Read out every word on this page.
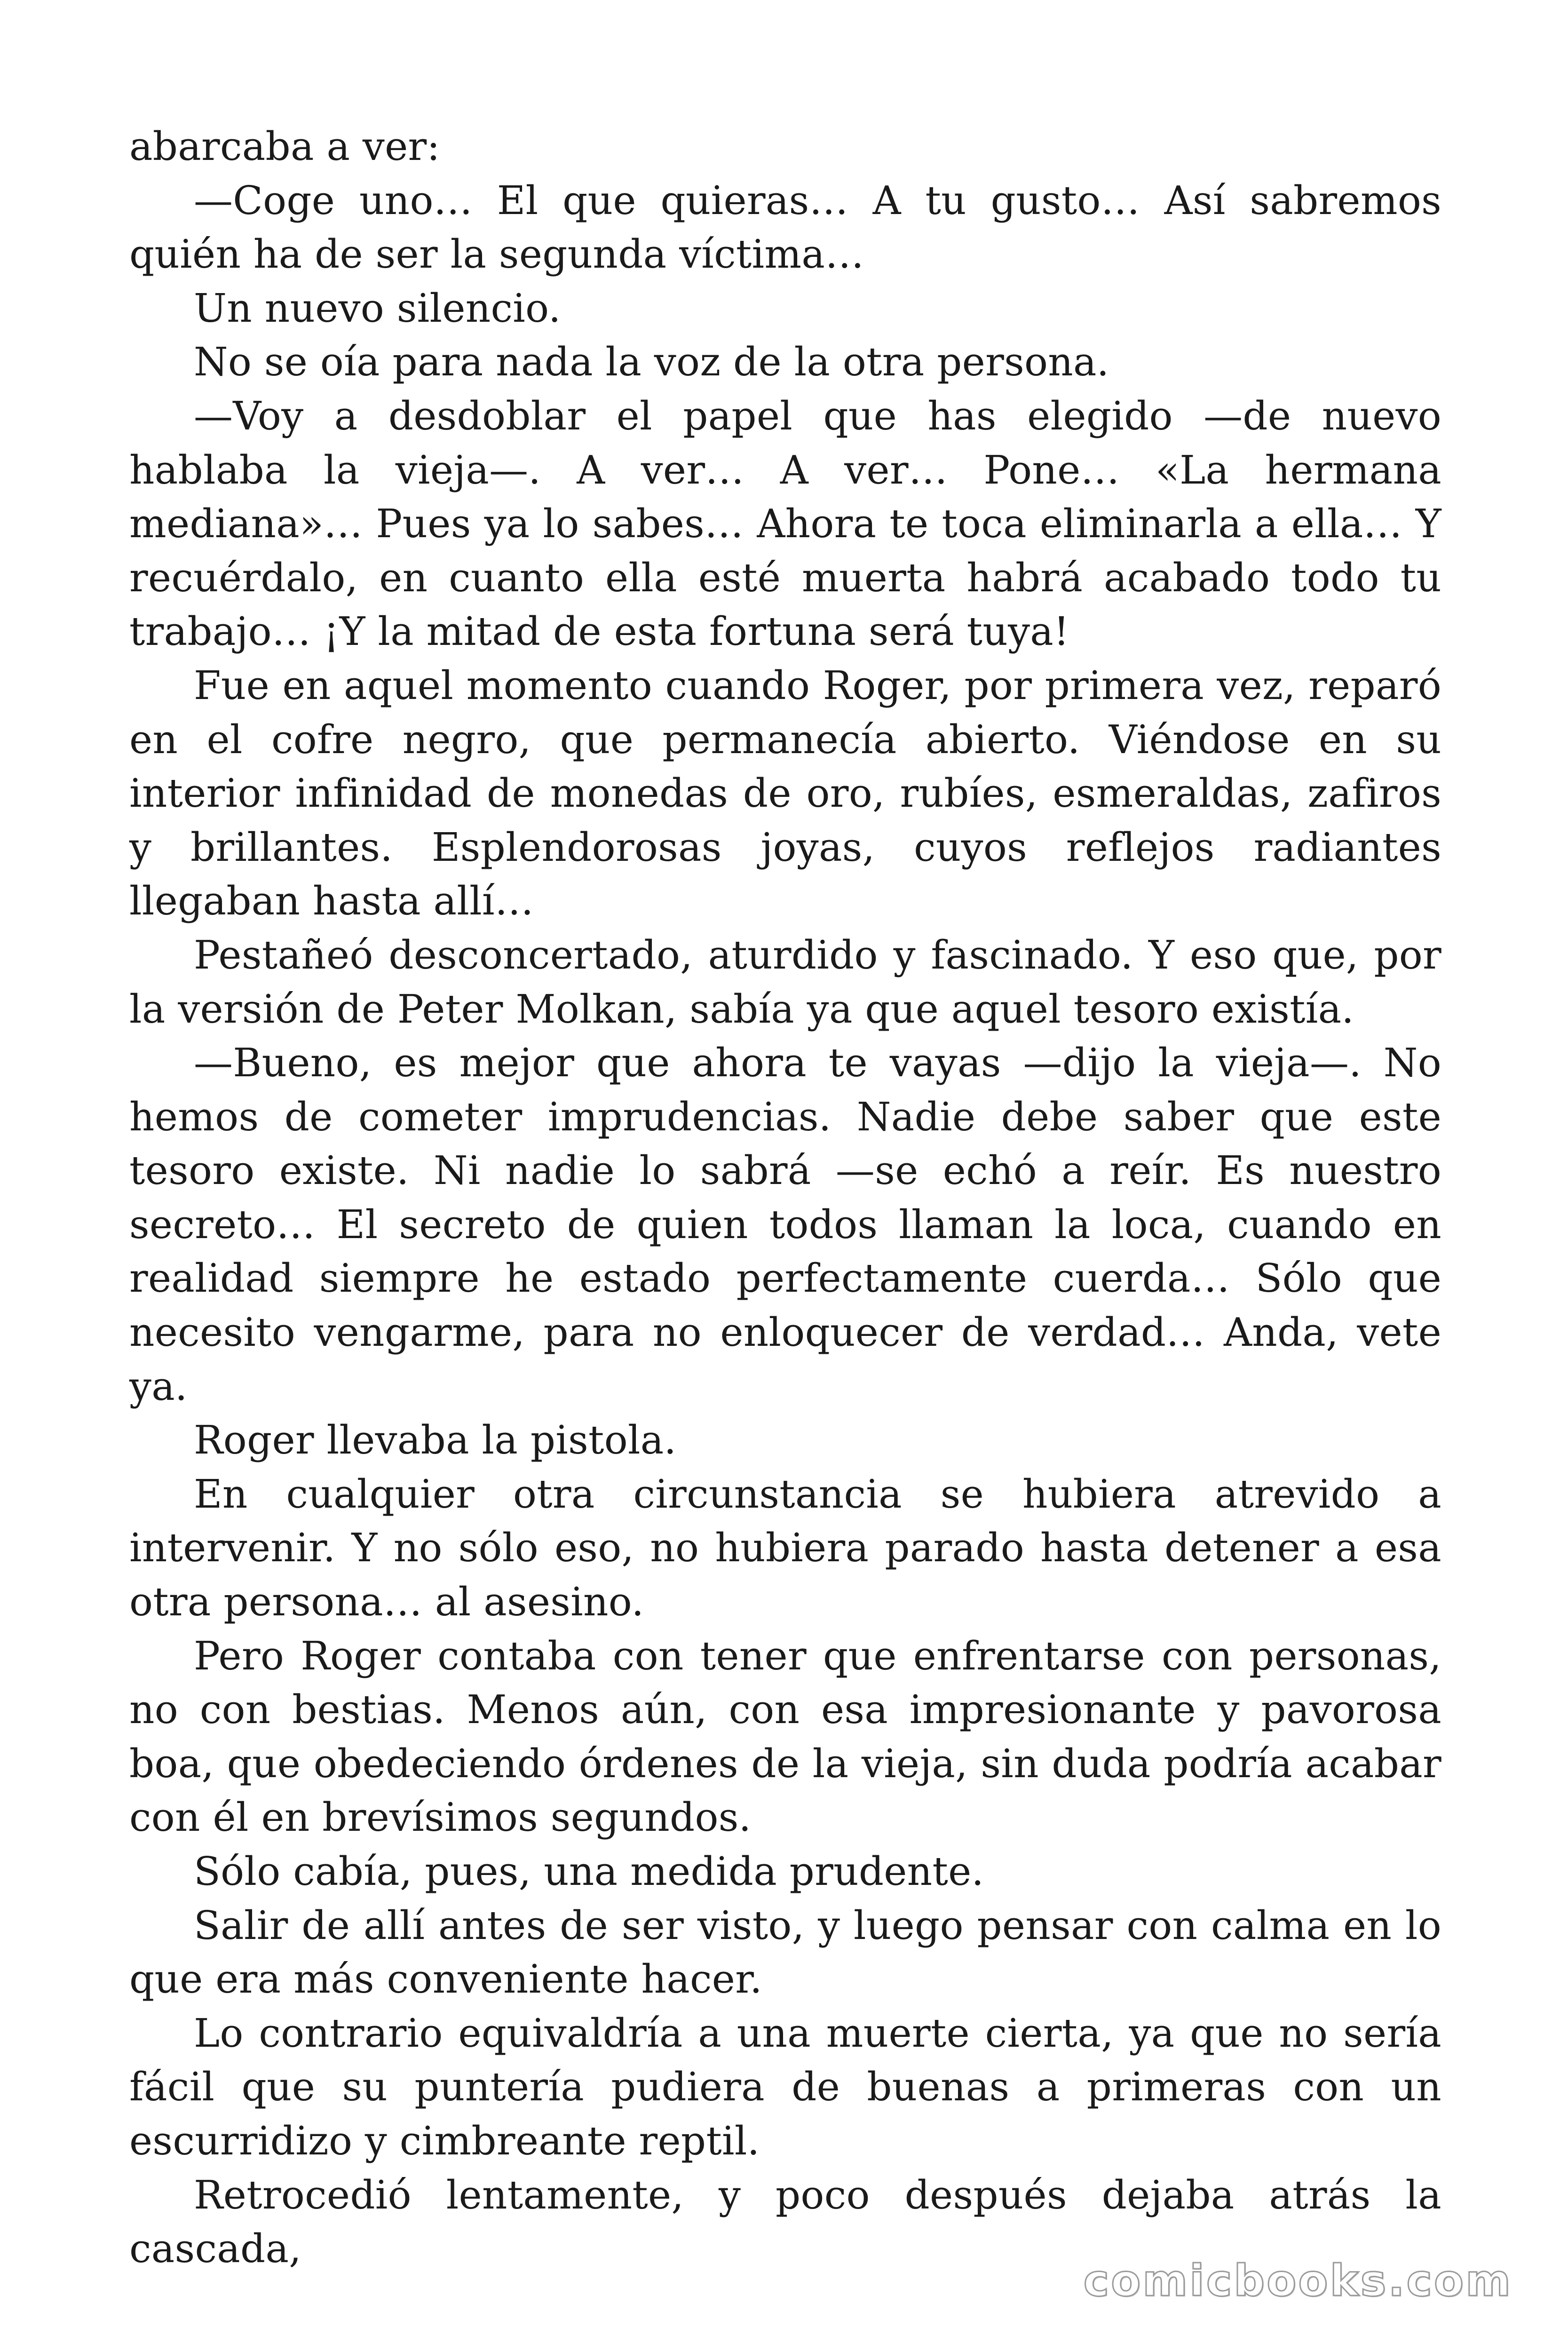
abarcaba a ver:

—Coge uno… El que quieras… A tu gusto… Así sabremos quién ha de ser la segunda víctima…

Un nuevo silencio.

No se oía para nada la voz de la otra persona.

—Voy a desdoblar el papel que has elegido —de nuevo hablaba la vieja—. A ver… A ver… Pone… «La hermana mediana»… Pues ya lo sabes… Ahora te toca eliminarla a ella… Y recuérdalo, en cuanto ella esté muerta habrá acabado todo tu trabajo… ¡Y la mitad de esta fortuna será tuya!

Fue en aquel momento cuando Roger, por primera vez, reparó en el cofre negro, que permanecía abierto. Viéndose en su interior infinidad de monedas de oro, rubíes, esmeraldas, zafiros y brillantes. Esplendorosas joyas, cuyos reflejos radiantes llegaban hasta allí…

Pestañeó desconcertado, aturdido y fascinado. Y eso que, por la versión de Peter Molkan, sabía ya que aquel tesoro existía.

—Bueno, es mejor que ahora te vayas —dijo la vieja—. No hemos de cometer imprudencias. Nadie debe saber que este tesoro existe. Ni nadie lo sabrá —se echó a reír. Es nuestro secreto… El secreto de quien todos llaman la loca, cuando en realidad siempre he estado perfectamente cuerda… Sólo que necesito vengarme, para no enloquecer de verdad… Anda, vete ya.

Roger llevaba la pistola.

En cualquier otra circunstancia se hubiera atrevido a intervenir. Y no sólo eso, no hubiera parado hasta detener a esa otra persona… al asesino.

Pero Roger contaba con tener que enfrentarse con personas, no con bestias. Menos aún, con esa impresionante y pavorosa boa, que obedeciendo órdenes de la vieja, sin duda podría acabar con él en brevísimos segundos.

Sólo cabía, pues, una medida prudente.

Salir de allí antes de ser visto, y luego pensar con calma en lo que era más conveniente hacer.

Lo contrario equivaldría a una muerte cierta, ya que no sería fácil que su puntería pudiera de buenas a primeras con un escurridizo y cimbreante reptil.

Retrocedió lentamente, y poco después dejaba atrás la cascada,

comicbooks.com
